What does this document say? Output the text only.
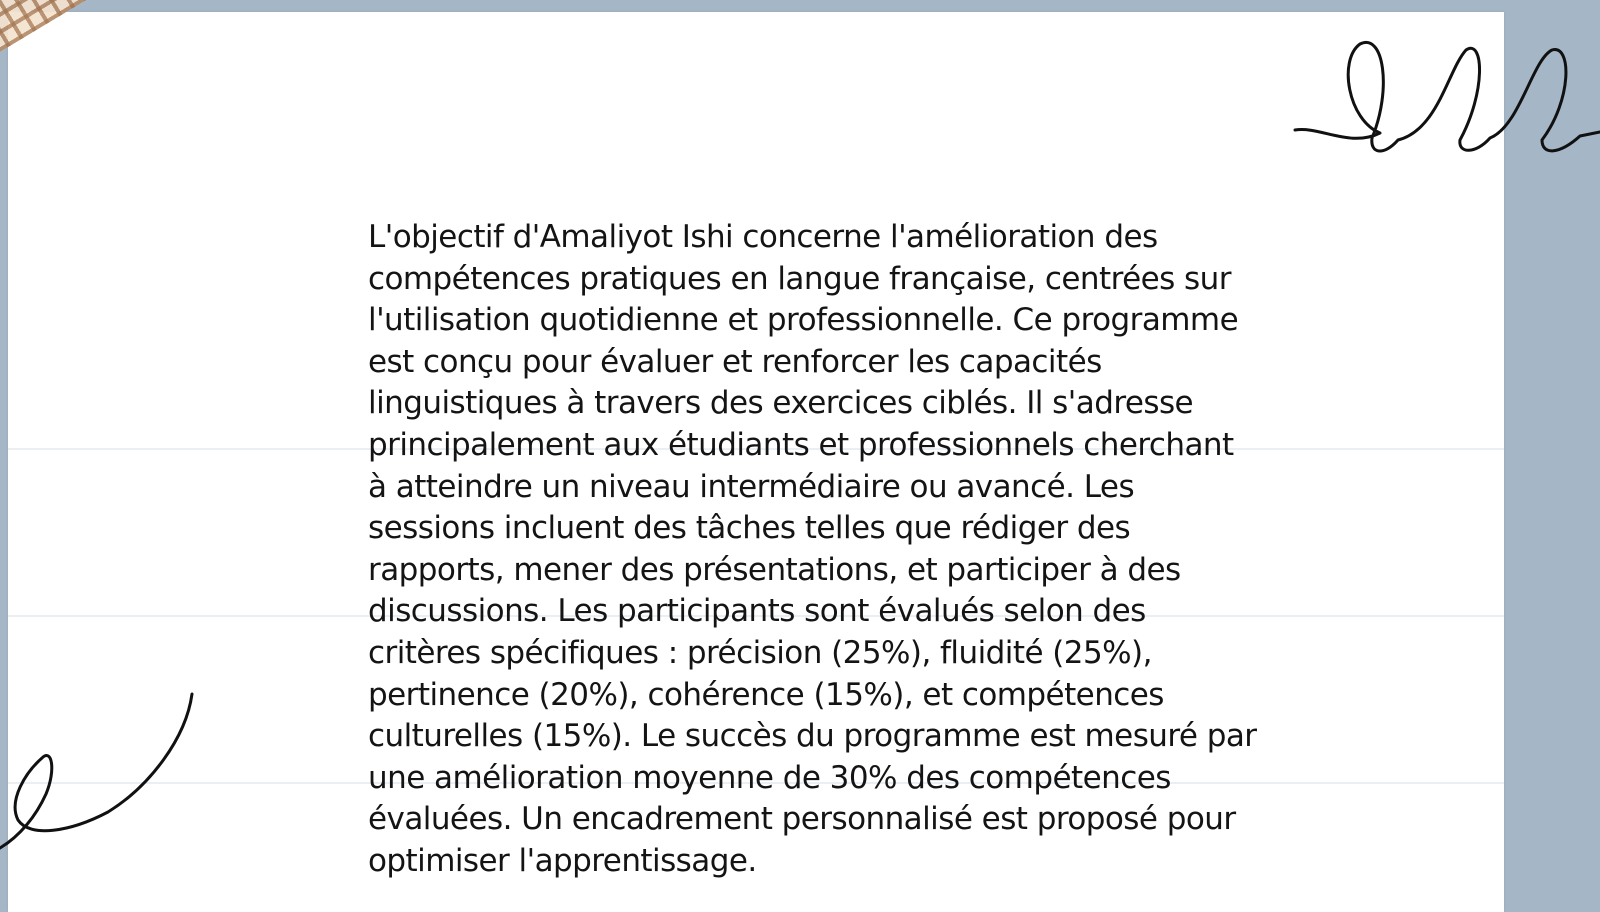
L'objectif d'Amaliyot Ishi concerne l'amélioration des compétences pratiques en langue française, centrées sur l'utilisation quotidienne et professionnelle. Ce programme est conçu pour évaluer et renforcer les capacités linguistiques à travers des exercices ciblés. Il s'adresse principalement aux étudiants et professionnels cherchant à atteindre un niveau intermédiaire ou avancé. Les sessions incluent des tâches telles que rédiger des rapports, mener des présentations, et participer à des discussions. Les participants sont évalués selon des critères spécifiques : précision (25%), fluidité (25%), pertinence (20%), cohérence (15%), et compétences culturelles (15%). Le succès du programme est mesuré par une amélioration moyenne de 30% des compétences évaluées. Un encadrement personnalisé est proposé pour optimiser l'apprentissage.
